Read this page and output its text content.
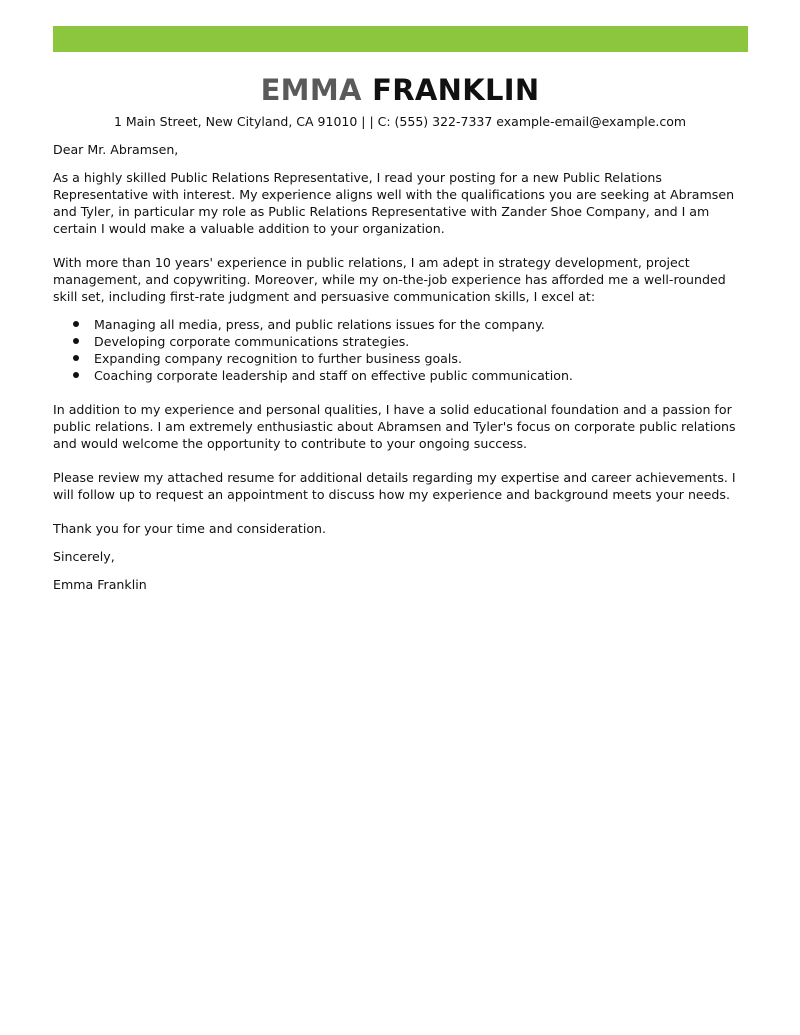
EMMA FRANKLIN
1 Main Street, New Cityland, CA 91010 | | C: (555) 322-7337 example-email@example.com

Dear Mr. Abramsen,

As a highly skilled Public Relations Representative, I read your posting for a new Public Relations Representative with interest. My experience aligns well with the qualifications you are seeking at Abramsen and Tyler, in particular my role as Public Relations Representative with Zander Shoe Company, and I am certain I would make a valuable addition to your organization.

With more than 10 years' experience in public relations, I am adept in strategy development, project management, and copywriting. Moreover, while my on-the-job experience has afforded me a well-rounded skill set, including first-rate judgment and persuasive communication skills, I excel at:

Managing all media, press, and public relations issues for the company.
Developing corporate communications strategies.
Expanding company recognition to further business goals.
Coaching corporate leadership and staff on effective public communication.

In addition to my experience and personal qualities, I have a solid educational foundation and a passion for public relations. I am extremely enthusiastic about Abramsen and Tyler's focus on corporate public relations and would welcome the opportunity to contribute to your ongoing success.

Please review my attached resume for additional details regarding my expertise and career achievements. I will follow up to request an appointment to discuss how my experience and background meets your needs.

Thank you for your time and consideration.

Sincerely,

Emma Franklin
